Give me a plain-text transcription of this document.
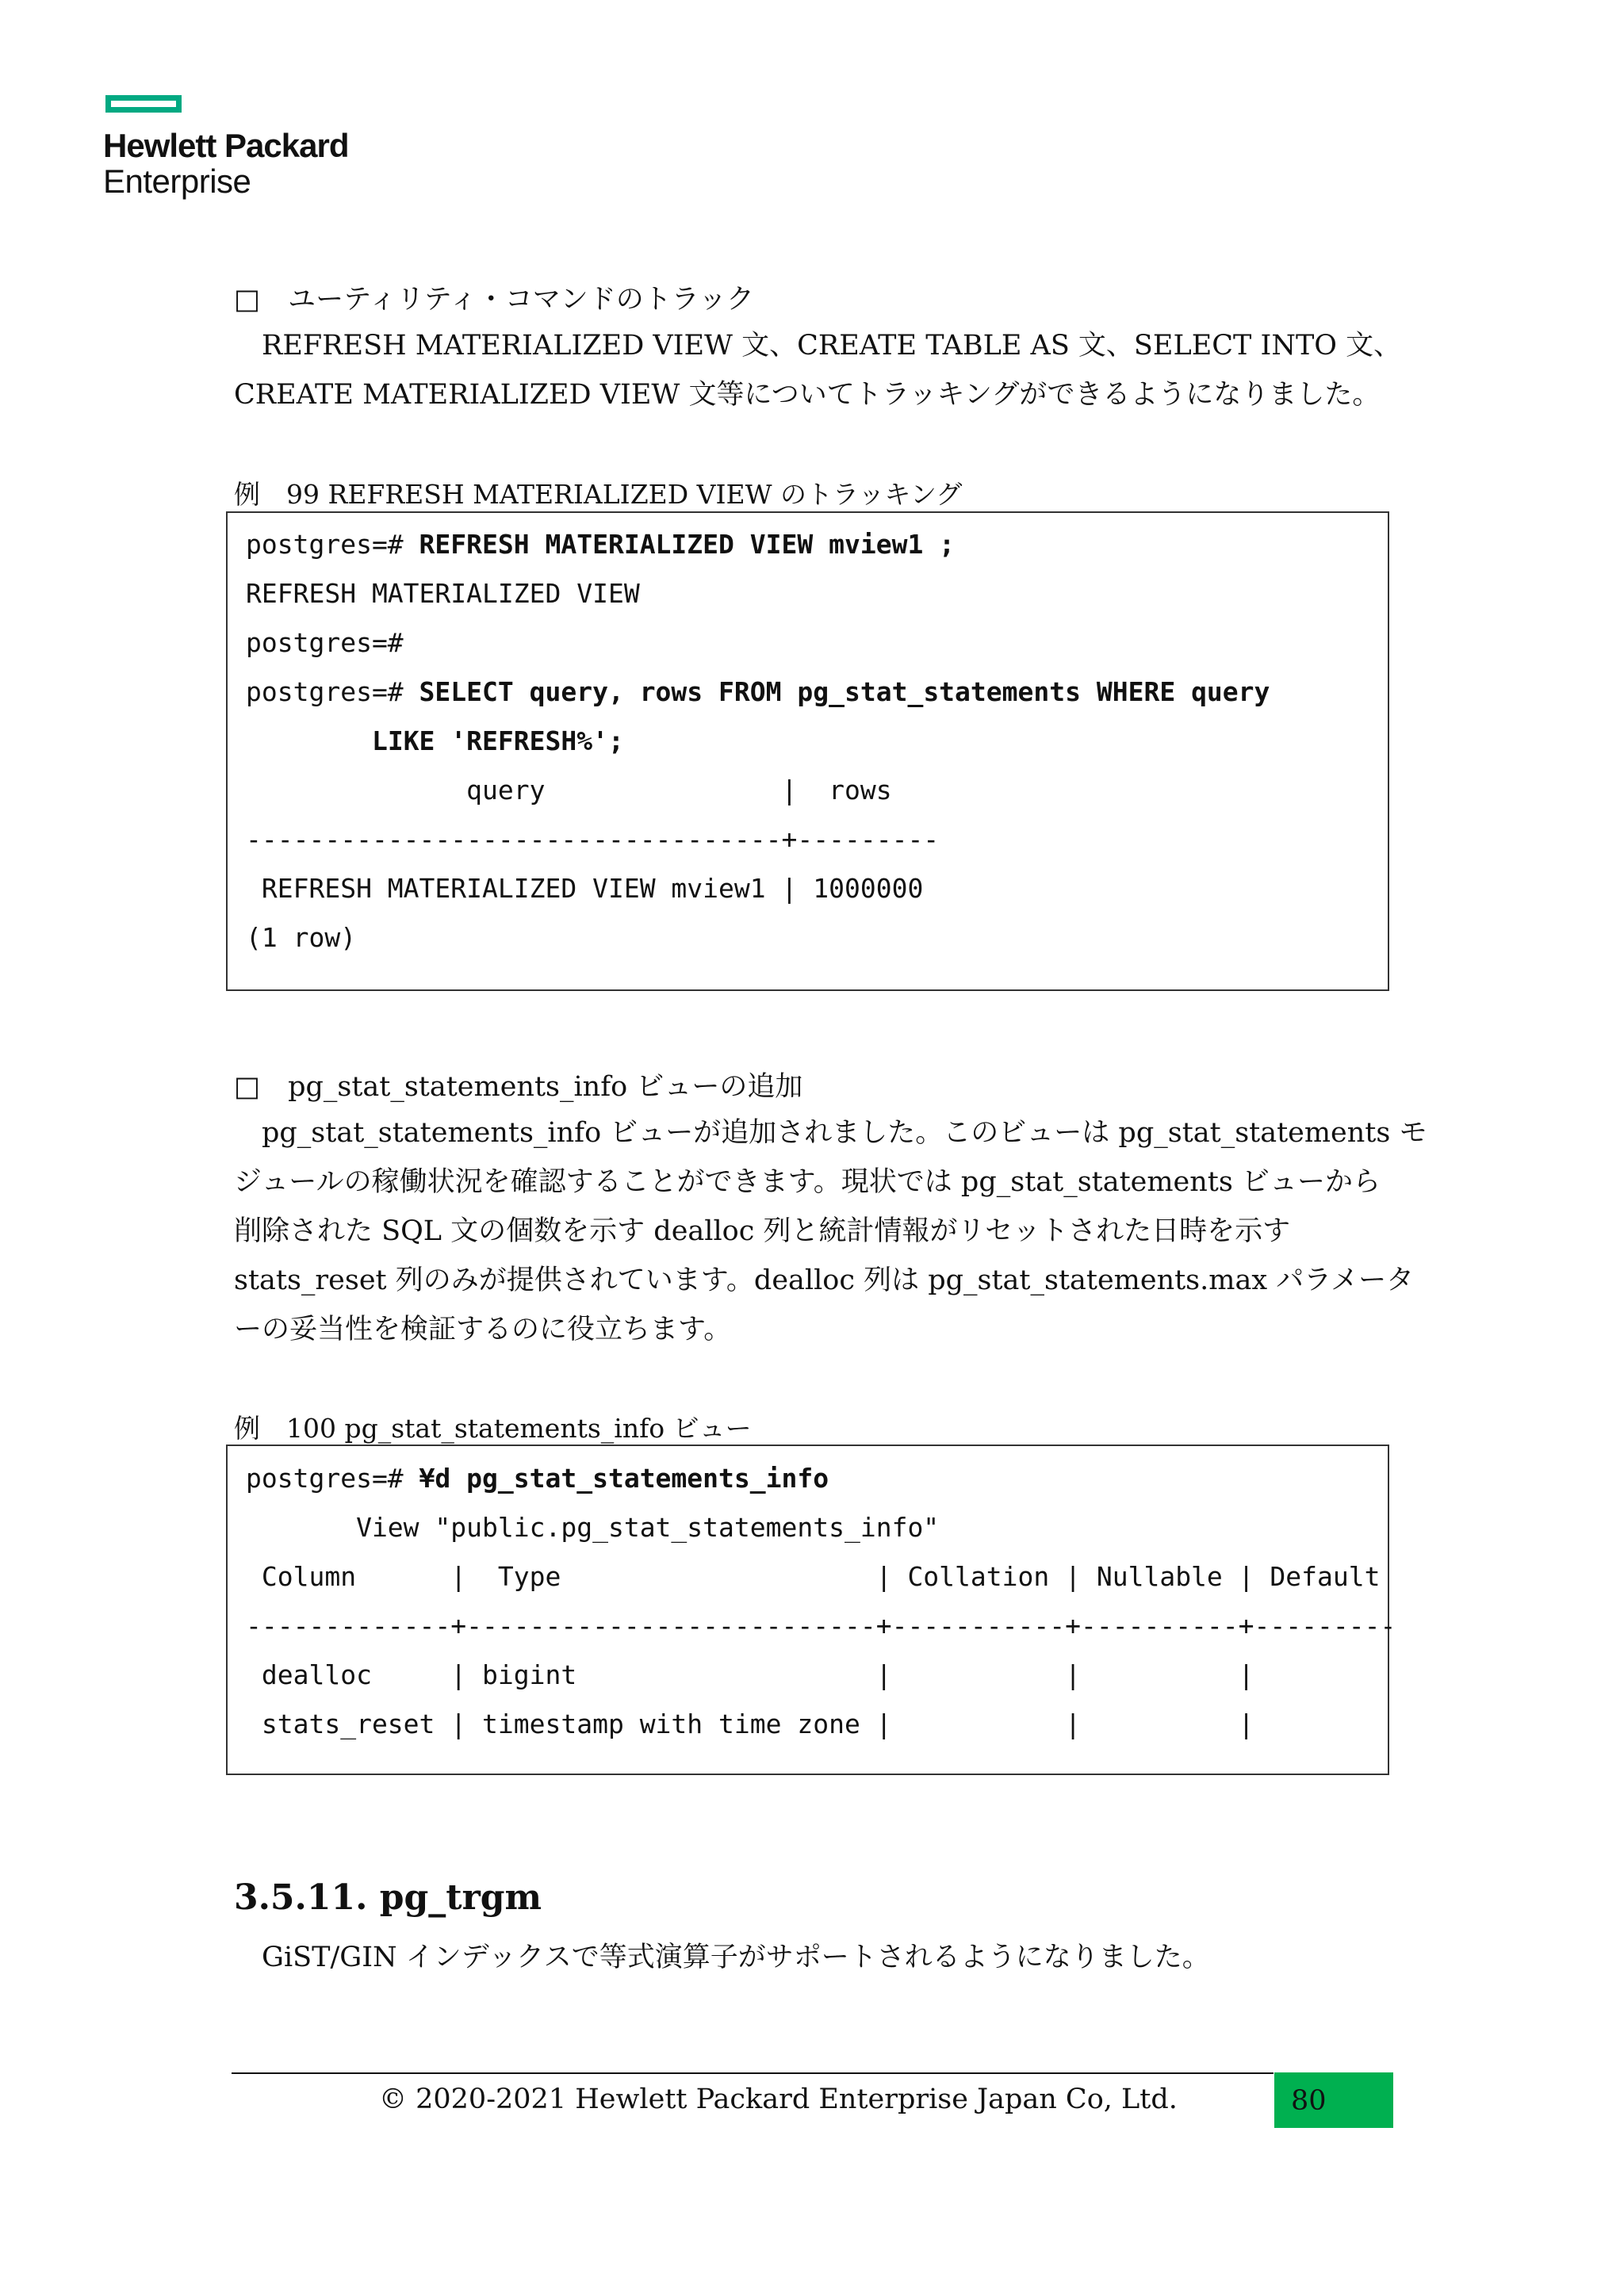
Hewlett Packard
Enterprise
□　ユーティリティ・コマンドのトラック
　REFRESH MATERIALIZED VIEW 文、CREATE TABLE AS 文、SELECT INTO 文、
CREATE MATERIALIZED VIEW 文等についてトラッキングができるようになりました。
例　99 REFRESH MATERIALIZED VIEW のトラッキング
postgres=# REFRESH MATERIALIZED VIEW mview1 ;
REFRESH MATERIALIZED VIEW
postgres=#
postgres=# SELECT query, rows FROM pg_stat_statements WHERE query
LIKE 'REFRESH%';
query               |  rows
----------------------------------+---------
REFRESH MATERIALIZED VIEW mview1 | 1000000
(1 row)
□　pg_stat_statements_info ビューの追加
　pg_stat_statements_info ビューが追加されました。このビューは pg_stat_statements モ
ジュールの稼働状況を確認することができます。現状では pg_stat_statements ビューから
削除された SQL 文の個数を示す dealloc 列と統計情報がリセットされた日時を示す
stats_reset 列のみが提供されています。dealloc 列は pg_stat_statements.max パラメータ
ーの妥当性を検証するのに役立ちます。
例　100 pg_stat_statements_info ビュー
postgres=# ¥d pg_stat_statements_info
View "public.pg_stat_statements_info"
Column      |  Type                    | Collation | Nullable | Default
-------------+--------------------------+-----------+----------+---------
dealloc     | bigint                   |           |          |
stats_reset | timestamp with time zone |           |          |
3.5.11. pg_trgm
　GiST/GIN インデックスで等式演算子がサポートされるようになりました。
© 2020-2021 Hewlett Packard Enterprise Japan Co, Ltd.	80
